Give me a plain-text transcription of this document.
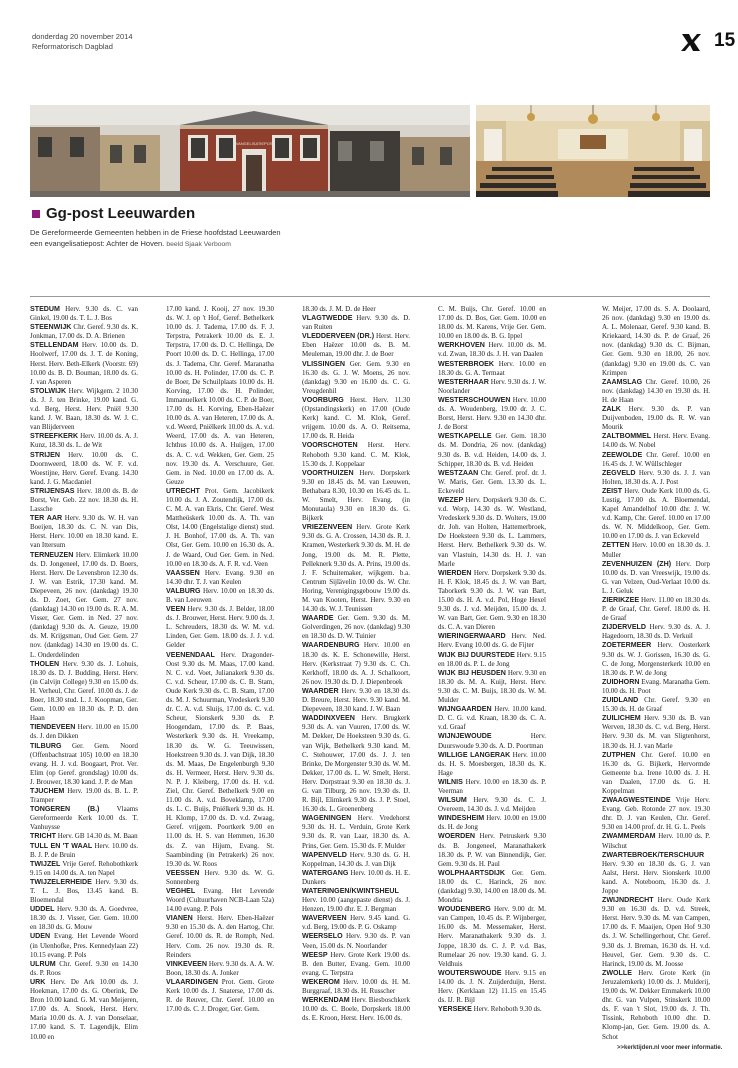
donderdag 20 november 2014
Reformatorisch Dagblad	15
EVANGELISATIEPOST
Gg-post Leeuwarden
De Gereformeerde Gemeenten hebben in de Friese hoofdstad Leeuwarden een evangelisatiepost: Achter de Hoven. beeld Sjaak Verboom

STEDUM Herv. 9.30 ds. C. van Ginkel, 19.00 ds. T. L. J. Bos

STEENWIJK Chr. Geref. 9.30 ds. K. Jonkman, 17.00 ds. D. A. Brienen

STELLENDAM Herv. 10.00 ds. D. Hoolwerf, 17.00 ds. J. T. de Koning, Herst. Herv. Beth-Elkerk (Voorstr. 69) 10.00 ds. B. D. Bouman, 18.00 ds. G. J. van Asperen

STOLWIJK Herv. Wijkgem. 2 10.30 ds. J. J. ten Brinke, 19.00 kand. G. v.d. Berg, Herst. Herv. Pniël 9.30 kand. J. W. Baan, 18.30 ds. W. J. C. van Blijderveen

STREEFKERK Herv. 10.00 ds. A. J. Kunz, 18.30 ds. L. de Wit

STRIJEN Herv. 10.00 ds. C. Doornweerd, 18.00 ds. W. F. v.d. Woestijne, Herv. Geref. Evang. 14.30 kand. J. G. Macdaniel

STRIJENSAS Herv. 18.00 ds. B. de Borst, Ver. Geb. 22 nov. 18.30 ds. H. Lassche

TER AAR Herv. 9.30 ds. W. H. van Boeijen, 18.30 ds. C. N. van Dis, Herst. Herv. 10.00 en 18.30 kand. E. van Ittersum

TERNEUZEN Herv. Elimkerk 10.00 ds. D. Jongeneel, 17.00 ds. D. Boers, Herst. Herv. De Levensbron 12.30 ds. J. W. van Estrik, 17.30 kand. M. Diepeveen, 26 nov. (dankdag) 19.30 ds. D. Zoet, Ger. Gem. 27 nov. (dankdag) 14.30 en 19.00 ds. R. A. M. Visser, Ger. Gem. in Ned. 27 nov. (dankdag) 9.30 ds. A. Geuze, 19.00 ds. M. Krijgsman, Oud Ger. Gem. 27 nov. (dankdag) 14.30 en 19.00 ds. C. L. Onderdelinden

THOLEN Herv. 9.30 ds. J. Lohuis, 18.30 ds. D. J. Budding, Herst. Herv. (in Calvijn College) 9.30 en 15.00 ds. H. Verheul, Chr. Geref. 10.00 ds. J. de Boer, 18.30 stud. L. J. Koopman, Ger. Gem. 10.00 en 18.30 ds. P. D. den Haan

TIENDEVEEN Herv. 10.00 en 15.00 ds. J. den Dikken

TILBURG Ger. Gem. Noord (Offenbachstraat 105) 10.00 en 18.30 evang. H. J. v.d. Boogaart, Prot. Ver. Elim (op Geref. grondslag) 10.00 ds. J. Brouwer, 18.30 kand. J. P. de Man

TJUCHEM Herv. 19.00 ds. B. L. P. Tramper

TONGEREN (B.) Vlaams Gereformeerde Kerk 10.00 ds. T. Vanhuysse

TRICHT Herv. GB 14.30 ds. M. Baan

TULL EN 'T WAAL Herv. 10.00 ds. B. J. P. de Bruin

TWIJZEL Vrije Geref. Rehobothkerk 9.15 en 14.00 ds. A. ten Napel

TWIJZELERHEIDE Herv. 9.30 ds. T. L. J. Bos, 13.45 kand. B. Bloemendal

UDDEL Herv. 9.30 ds. A. Goedvree, 18.30 ds. J. Visser, Ger. Gem. 10.00 en 18.30 ds. G. Mouw

UDEN Evang. Het Levende Woord (in Ulenhofke, Pres. Kennedylaan 22) 10.15 evang. P. Pols

ULRUM Chr. Geref. 9.30 en 14.30 ds. P. Roos

URK Herv. De Ark 10.00 ds. J. Hoekman, 17.00 ds. G. Oberink, De Bron 10.00 kand. G. M. van Meijeren, 17.00 ds. A. Snoek, Herst. Herv. Maria 10.00 ds. A. J. van Donselaar, 17.00 kand. S. T. Lagendijk, Elim 10.00 en

17.00 kand. J. Kooij, 27 nov. 19.30 ds. W. J. op 't Hof, Geref. Bethelkerk 10.00 ds. J. Tadema, 17.00 ds. F. J. Terpstra, Petrakerk 10.00 ds. E. J. Terpstra, 17.00 ds. D. C. Hellinga, De Poort 10.00 ds. D. C. Hellinga, 17.00 ds. J. Tadema, Chr. Geref. Maranatha 10.00 ds. H. Polinder, 17.00 ds. C. P. de Boer, De Schuilplaats 10.00 ds. H. Korving, 17.00 ds. H. Polinder, Immanuelkerk 10.00 ds. C. P. de Boer, 17.00 ds. H. Korving, Eben-Haëzer 10.00 ds. A. van Heteren, 17.00 ds. A. v.d. Weerd, Pniëlkerk 10.00 ds. A. v.d. Weerd, 17.00 ds. A. van Heteren, Ichthus 10.00 ds. A. Huijgen, 17.00 ds. A. C. v.d. Wekken, Ger. Gem. 25 nov. 19.30 ds. A. Verschuure, Ger. Gem. in Ned. 10.00 en 17.00 ds. A. Geuze

UTRECHT Prot. Gem. Jacobikerk 10.00 ds. J. A. Zoutendijk, 17.00 ds. C. M. A. van Ekris, Chr. Geref. West Mattheüskerk 10.00 ds. A. Th. van Olst, 14.00 (Engelstalige dienst) stud. J. H. Bonhof, 17.00 ds. A. Th. van Olst, Ger. Gem. 10.00 en 16.30 ds. A. J. de Waard, Oud Ger. Gem. in Ned. 10.00 en 18.30 ds. A. F. R. v.d. Veen

VAASSEN Herv. Evang. 9.30 en 14.30 dhr. T. J. van Keulen

VALBURG Herv. 10.00 en 18.30 ds. B. van Leeuwen

VEEN Herv. 9.30 ds. J. Belder, 18.00 ds. J. Brouwer, Herst. Herv. 9.00 ds. J. L. Schreuders, 18.30 ds. W. M. v.d. Linden, Ger. Gem. 18.00 ds. J. J. v.d. Gelder

VEENENDAAL Herv. Dragonder-Oost 9.30 ds. M. Maas, 17.00 kand. N. C. v.d. Voet, Julianakerk 9.30 ds. C. v.d. Scheur, 17.00 ds. C. B. Stam, Oude Kerk 9.30 ds. C. B. Stam, 17.00 ds. M. J. Schuurman, Vredeskerk 9.30 dr. C. A. v.d. Sluijs, 17.00 ds. C. v.d. Scheur, Sionskerk 9.30 ds. P. Hoogendam, 17.00 ds. P. Baas, Westerkerk 9.30 ds. H. Vreekamp, 18.30 ds. W. G. Teeuwissen, Hoekstreen 9.30 ds. J. van Dijk, 18.30 ds. M. Maas, De Engelenburgh 9.30 ds. H. Vermeer, Herst. Herv. 9.30 ds. N. P. J. Kleiberg, 17.00 ds. H. v.d. Ziel, Chr. Geref. Bethelkerk 9.00 en 11.00 ds. A. v.d. Boveklamp, 17.00 ds. L. C. Buijs, Pniëlkerk 9.30 ds. H. H. Klomp, 17.00 ds. D. v.d. Zwaag, Geref. vrijgem. Poortkerk 9.00 en 11.00 ds. H. S. van Hemmen, 16.30 ds. Z. van Hijum, Evang. St. Saambinding (in Petrakerk) 26 nov. 19.30 ds. W. Roos

VEESSEN Herv. 9.30 ds. W. G. Sonnenberg

VEGHEL Evang. Het Levende Woord (Cultuurhaven NCB-Laan 52a) 14.00 evang. P. Pols

VIANEN Herst. Herv. Eben-Haëzer 9.30 en 15.30 ds. A. den Hartog, Chr. Geref. 10.00 ds. R. de Romph, Ned. Herv. Com. 26 nov. 19.30 ds. R. Reinders

VINKEVEEN Herv. 9.30 ds. A. A. W. Boon, 18.30 ds. A. Jonker

VLAARDINGEN Prot. Gem. Grote Kerk 10.00 ds. J. Snaterse, 17.00 ds. R. de Reuver, Chr. Geref. 10.00 en 17.00 ds. C. J. Droger, Ger. Gem.

18.30 ds. J. M. D. de Heer

VLAGTWEDDE Herv. 9.30 ds. D. van Ruiten

VLEDDERVEEN (DR.) Herst. Herv. Eben Haëzer 10.00 ds. B. M. Meuleman, 19.00 dhr. J. de Boer

VLISSINGEN Ger. Gem. 9.30 en 16.30 ds. G. J. W. Moens, 26 nov. (dankdag) 9.30 en 16.00 ds. C. G. Vreugdenhil

VOORBURG Herst. Herv. 11.30 (Opstandingskerk) en 17.00 (Oude Kerk) kand. C. M. Klok, Geref. vrijgem. 10.00 ds. A. O. Reitsema, 17.00 ds. R. Heida

VOORSCHOTEN Herst. Herv. Rehoboth 9.30 kand. C. M. Klok, 15.30 ds. J. Koppelaar

VOORTHUIZEN Herv. Dorpskerk 9.30 en 18.45 ds. M. van Leeuwen, Bethabara 8.30, 10.30 en 16.45 ds. L. W. Smelt, Herv. Evang. (in Monutaula) 9.30 en 18.30 ds. G. Bijkerk

VRIEZENVEEN Herv. Grote Kerk 9.30 ds. G. A. Crossen, 14.30 ds. R. J. Kramen, Westerkerk 9.30 ds. M. H. de Jong, 19.00 ds. M. R. Plette, Pelleknerk 9.30 ds. A. Prins, 19.00 ds. J. F. Schuitemaker, wijkgem. b.a. Centrum Sijlävelin 10.00 ds. W. Chr. Horing, Verenigingsgebouw 19.00 ds. M. van Kooten, Herst. Herv. 9.30 en 14.30 ds. W. J. Teunissen

WAARDE Ger. Gem. 9.30 ds. M. Golverdingen, 26 nov. (dankdag) 9.30 en 18.30 ds. D. W. Tuinier

WAARDENBURG Herv. 10.00 en 18.30 ds. K. E. Schonewille, Herst. Herv. (Kerkstraat 7) 9.30 ds. C. Ch. Kerkhoff, 18.00 ds. A. J. Schalkoort, 26 nov. 19.30 ds. D. J. Diepenbroek

WAARDER Herv. 9.30 en 18.30 ds. D. Breure, Herst. Herv. 9.30 kand. M. Diepeveen, 18.30 kand. J. W. Baan

WADDINXVEEN Herv. Brugkerk 9.30 ds. A. van Vuuren, 17.00 ds. W. M. Dekker, De Hoeksteen 9.30 ds. G. van Wijk, Bethelkerk 9.30 kand. M. C. Stehouwer, 17.00 ds. J. J. ten Brinke, De Morgenster 9.30 ds. W. M. Dekker, 17.00 ds. L. W. Smelt, Herst. Herv. Dorpstraat 9.30 en 18.30 ds. J. G. van Tilburg, 26 nov. 19.30 ds. IJ. R. Bijl, Elimkerk 9.30 ds. J. P. Stoel, 16.30 ds. L. Groenenberg

WAGENINGEN Herv. Vredehorst 9.30 ds. H. L. Verduin, Grote Kerk 9.30 ds. R. van Laar, 18.30 ds. A. Prins, Ger. Gem. 15.30 ds. F. Mulder

WAPENVELD Herv. 9.30 ds. G. H. Koppelman, 14.30 ds. J. van Dijk

WATERGANG Herv. 10.00 ds. H. E. Dunkers

WATERINGEN/KWINTSHEUL Herv. 10.00 (aangepaste dienst) ds. J. Henzen, 19.00 dhr. E. J. Bergman

WAVERVEEN Herv. 9.45 kand. G. v.d. Berg, 19.00 ds. P. G. Oskamp

WEERSELO Herv. 9.30 ds. P. van Veen, 15.00 ds. N. Noorlander

WEESP Herv. Grote Kerk 19.00 ds. B. den Butter, Evang. Gem. 10.00 evang. C. Terpstra

WEKEROM Herv. 10.00 ds. H. M. Burggraaf, 18.30 ds. H. Russcher

WERKENDAM Herv. Biesboschkerk 10.00 ds. C. Boele, Dorpskerk 18.00 ds. E. Kroon, Herst. Herv. 16.00 ds.

C. M. Buijs, Chr. Geref. 10.00 en 17.00 ds. D. Bos, Ger. Gem. 10.00 en 18.00 ds. M. Karens, Vrije Ger. Gem. 10.00 en 18.00 ds. B. G. Ippel

WERKHOVEN Herv. 10.00 ds. M. v.d. Zwan, 18.30 ds. J. H. van Daalen

WESTERBROEK Herv. 10.00 en 18.30 ds. G. A. Termaat

WESTERHAAR Herv. 9.30 ds. J. W. Noorlander

WESTERSCHOUWEN Herv. 10.00 ds. A. Woudenberg, 19.00 dr. J. C. Borst, Herst. Herv. 9.30 en 14.30 dhr. J. de Borst

WESTKAPELLE Ger. Gem. 18.30 ds. M. Dondria, 26 nov. (dankdag) 9.30 ds. B. v.d. Heiden, 14.00 ds. J. Schipper, 18.30 ds. B. v.d. Heiden

WESTZAAN Chr. Geref. prof. dr. J. W. Maris, Ger. Gem. 13.30 ds. L. Eckeveld

WEZEP Herv. Dorpskerk 9.30 ds. C. v.d. Worp, 14.30 ds. W. Westland, Vredeskerk 9.30 ds. D. Wolters, 19.00 dr. Joh. van Holten, Hattemerbroek, De Hoeksteen 9.30 ds. L. Lammers, Herst. Herv. Bethelkerk 9.30 ds. W. van Vlastuin, 14.30 ds. H. J. van Marle

WIERDEN Herv. Dorpskerk 9.30 ds. H. F. Klok, 18.45 ds. J. W. van Bart, Taborkerk 9.30 ds. J. W. van Bart, 15.00 ds. H. A. v.d. Pol, Hoge Hexel 9.30 ds. J. v.d. Meijden, 15.00 ds. J. W. van Bart, Ger. Gem. 9.30 en 18.30 ds. C. A. van Dieren

WIERINGERWAARD Herv. Ned. Herv. Evang 10.00 ds. G. de Fijter

WIJK BIJ DUURSTEDE Herv. 9.15 en 18.00 ds. P. L. de Jong

WIJK BIJ HEUSDEN Herv. 9.30 en 18.30 ds. M. A. Kuijt, Herst. Herv. 9.30 ds. C. M. Buijs, 18.30 ds. W. M. Mulder

WIJNGAARDEN Herv. 10.00 kand. D. C. G. v.d. Kraan, 18.30 ds. C. A. v.d. Graaf

WIJNJEWOUDE	Herv. Duurswoude 9.30 ds. A. D. Poortman

WILLIGE LANGERAK Herv. 10.00 ds. H. S. Moesbergen, 18.30 ds. K. Hage

WILNIS Herv. 10.00 en 18.30 ds. P. Veerman

WILSUM Herv. 9.30 ds. C. J. Overeem, 14.30 ds. J. v.d. Meijden

WINDESHEIM Herv. 10.00 en 19.00 ds. H. de Jong

WOERDEN Herv. Petruskerk 9.30 ds. B. Jongeneel, Maranathakerk 18.30 ds. P. W. van Binnendijk, Ger. Gem. 9.30 ds. H. Paul

WOLPHAARTSDIJK Ger. Gem. 18.00 ds. C. Harinck, 26 nov. (dankdag) 9.30, 14.00 en 18.00 ds. M. Mondria

WOUDENBERG Herv. 9.00 dr. M. van Campen, 10.45 ds. P. Wijnberger, 16.00 ds. M. Messemaker, Herst. Herv. Maranathakerk 9.30 ds. J. Joppe, 18.30 ds. C. J. P. v.d. Bas, Rumelaar 26 nov. 19.30 kand. G. J. Veldhuis

WOUTERSWOUDE Herv. 9.15 en 14.00 ds. J. N. Zuijderduijn, Herst. Herv. (Kerklaan 12) 11.15 en 15.45 ds. IJ. R. Bijl

YERSEKE Herv. Rehoboth 9.30 ds.

W. Meijer, 17.00 ds. S. A. Doolaard, 26 nov. (dankdag) 9.30 en 19.00 ds. A. L. Molenaar, Geref. 9.30 kand. B. Kriekaard, 14.30 ds. P. de Graaf, 26 nov. (dankdag) 9.30 ds. C. Bijman, Ger. Gem. 9.30 en 18.00, 26 nov. (dankdag) 9.30 en 19.00 ds. C. van Krimpen

ZAAMSLAG Chr. Geref. 10.00, 26 nov. (dankdag) 14.30 en 19.30 ds. H. H. de Haan

ZALK Herv. 9.30 ds. P. van Duijvenboden, 19.00 ds. R. W. van Mourik

ZALTBOMMEL Herst. Herv. Evang. 14.00 ds. W. Nobel

ZEEWOLDE Chr. Geref. 10.00 en 16.45 ds. J. W. Wüllschleger

ZEGVELD Herv. 9.30 ds. J. J. van Holten, 18.30 ds. A. J. Post

ZEIST Herv. Oude Kerk 10.00 ds. G. Lustig, 17.00 ds. A. Bloemendal, Kapel Amandelhof 10.00 dhr. J. W. v.d. Kamp, Chr. Geref. 10.00 en 17.00 ds. W. N. Middelkoop, Ger. Gem. 10.00 en 17.00 ds. J. van Eckeveld

ZETTEN Herv. 10.00 en 18.30 ds. J. Muller

ZEVENHUIZEN (ZH) Herv. Dorp 10.00 ds. D. van Vreeswijk, 19.00 ds. G. van Velzen, Oud-Verlaat 10.00 ds. L. J. Geluk

ZIERIKZEE Herv. 11.00 en 18.30 ds. P. de Graaf, Chr. Geref. 18.00 ds. H. de Graaf

ZIJDERVELD Herv. 9.30 ds. A. J. Hagedoorn, 18.30 ds. D. Verkuil

ZOETERMEER Herv. Oosterkerk 9.30 ds. W. J. Gorissen, 16.30 ds. G. C. de Jong, Morgensterkerk 10.00 en 18.30 ds. P. W. de Jong

ZUIDHORN Evang. Maranatha Gem. 10.00 ds. H. Poot

ZUIDLAND Chr. Geref. 9.30 en 15.30 ds. H. de Graaf

ZUILICHEM Herv. 9.30 ds. B. van Werven, 18.30 ds. C. v.d. Berg, Herst. Herv. 9.30 ds. M. van Sligtenhorst, 18.30 ds. H. J. van Marle

ZUTPHEN Chr. Geref. 10.00 en 16.30 ds. G. Bijkerk, Hervormde Gemeente b.a. Irene 10.00 ds. J. H. van Daalen, 17.00 ds. G. H. Koppelman

ZWAAGWESTEINDE Vrije Herv. Evang. Geb. Rotonde 27 nov. 19.30 dhr. D. J. van Keulen, Chr. Geref. 9.30 en 14.00 prof. dr. H. G. L. Peels

ZWAMMERDAM Herv. 10.00 ds. P. Wilschut

ZWARTEBROEK/TERSCHUUR Herv. 9.30 en 18.30 ds. G. J. van Aalst, Herst. Herv. Sionskerk 10.00 kand. A. Noteboom, 16.30 ds. J. Joppe

ZWIJNDRECHT Herv. Oude Kerk 9.30 en 16.30 ds. D. v.d. Streek, Herst. Herv. 9.30 ds. M. van Campen, 17.00 ds. F. Maaijen, Open Hof 9.30 ds. J. W. Schellingerhout, Chr. Geref. 9.30 ds. J. Breman, 16.30 ds. H. v.d. Heuvel, Ger. Gem. 9.30 ds. C. Harinck, 19.00 ds. M. Joosse

ZWOLLE Herv. Grote Kerk (in Jeruzalemkerk) 10.00 ds. J. Mulderij, 19.00 ds. W. Dekker Emmakerk 10.00 dhr. G. van Vulpen, Stinskerk 10.00 ds. F. van 't Slot, 19.00 ds. J. Th. Tissink, Rehoboth 10.00 dhr. D. Klomp-jan, Ger. Gem. 19.00 ds. A. Schot

>>kerktijden.nl voor meer informatie.
